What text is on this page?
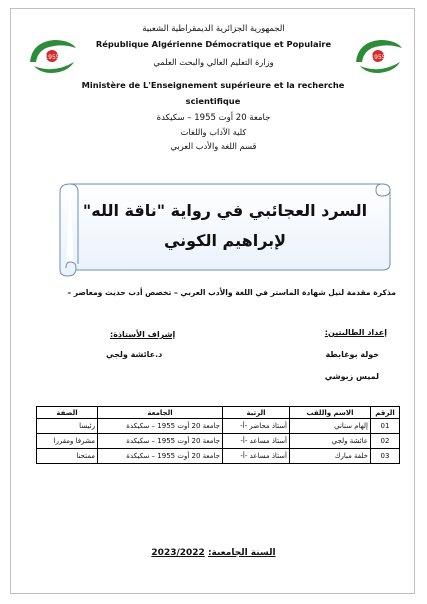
1955	1955
الجمهورية الجزائرية الديمقراطية الشعبية
République Algérienne Démocratique et Populaire
وزارة التعليم العالي والبحث العلمي
Ministère de L'Enseignement supérieure et la recherche scientifique
جامعة 20 أوت 1955 – سكيكدة
كلية الآداب واللغات
قسم اللغة والأدب العربي
السرد العجائبي في رواية "ناقة الله" لإبراهيم الكوني
مذكرة مقدمة لنيل شهادة الماستر في اللغة والأدب العربي – تخصص أدب حديث ومعاصر –
إعداد الطالبتين:
خولة بوغابطة
لميس زبوشي
إشراف الأستاذة:
د.عائشة ولجي
الرقم	الاسم واللقب	الرتبة	الجامعة	الصفة
01	إلهام سناني	أستاذ محاضر -أ-	جامعة 20 أوت 1955 – سكيكدة	رئيسا
02	عائشة ولجي	أستاذ مساعد -أ-	جامعة 20 أوت 1955 – سكيكدة	مشرفا ومقررا
03	خلفة مبارك	أستاذ مساعد -أ-	جامعة 20 أوت 1955 – سكيكدة	ممتحنا
السنة الجامعية: 2023/2022
